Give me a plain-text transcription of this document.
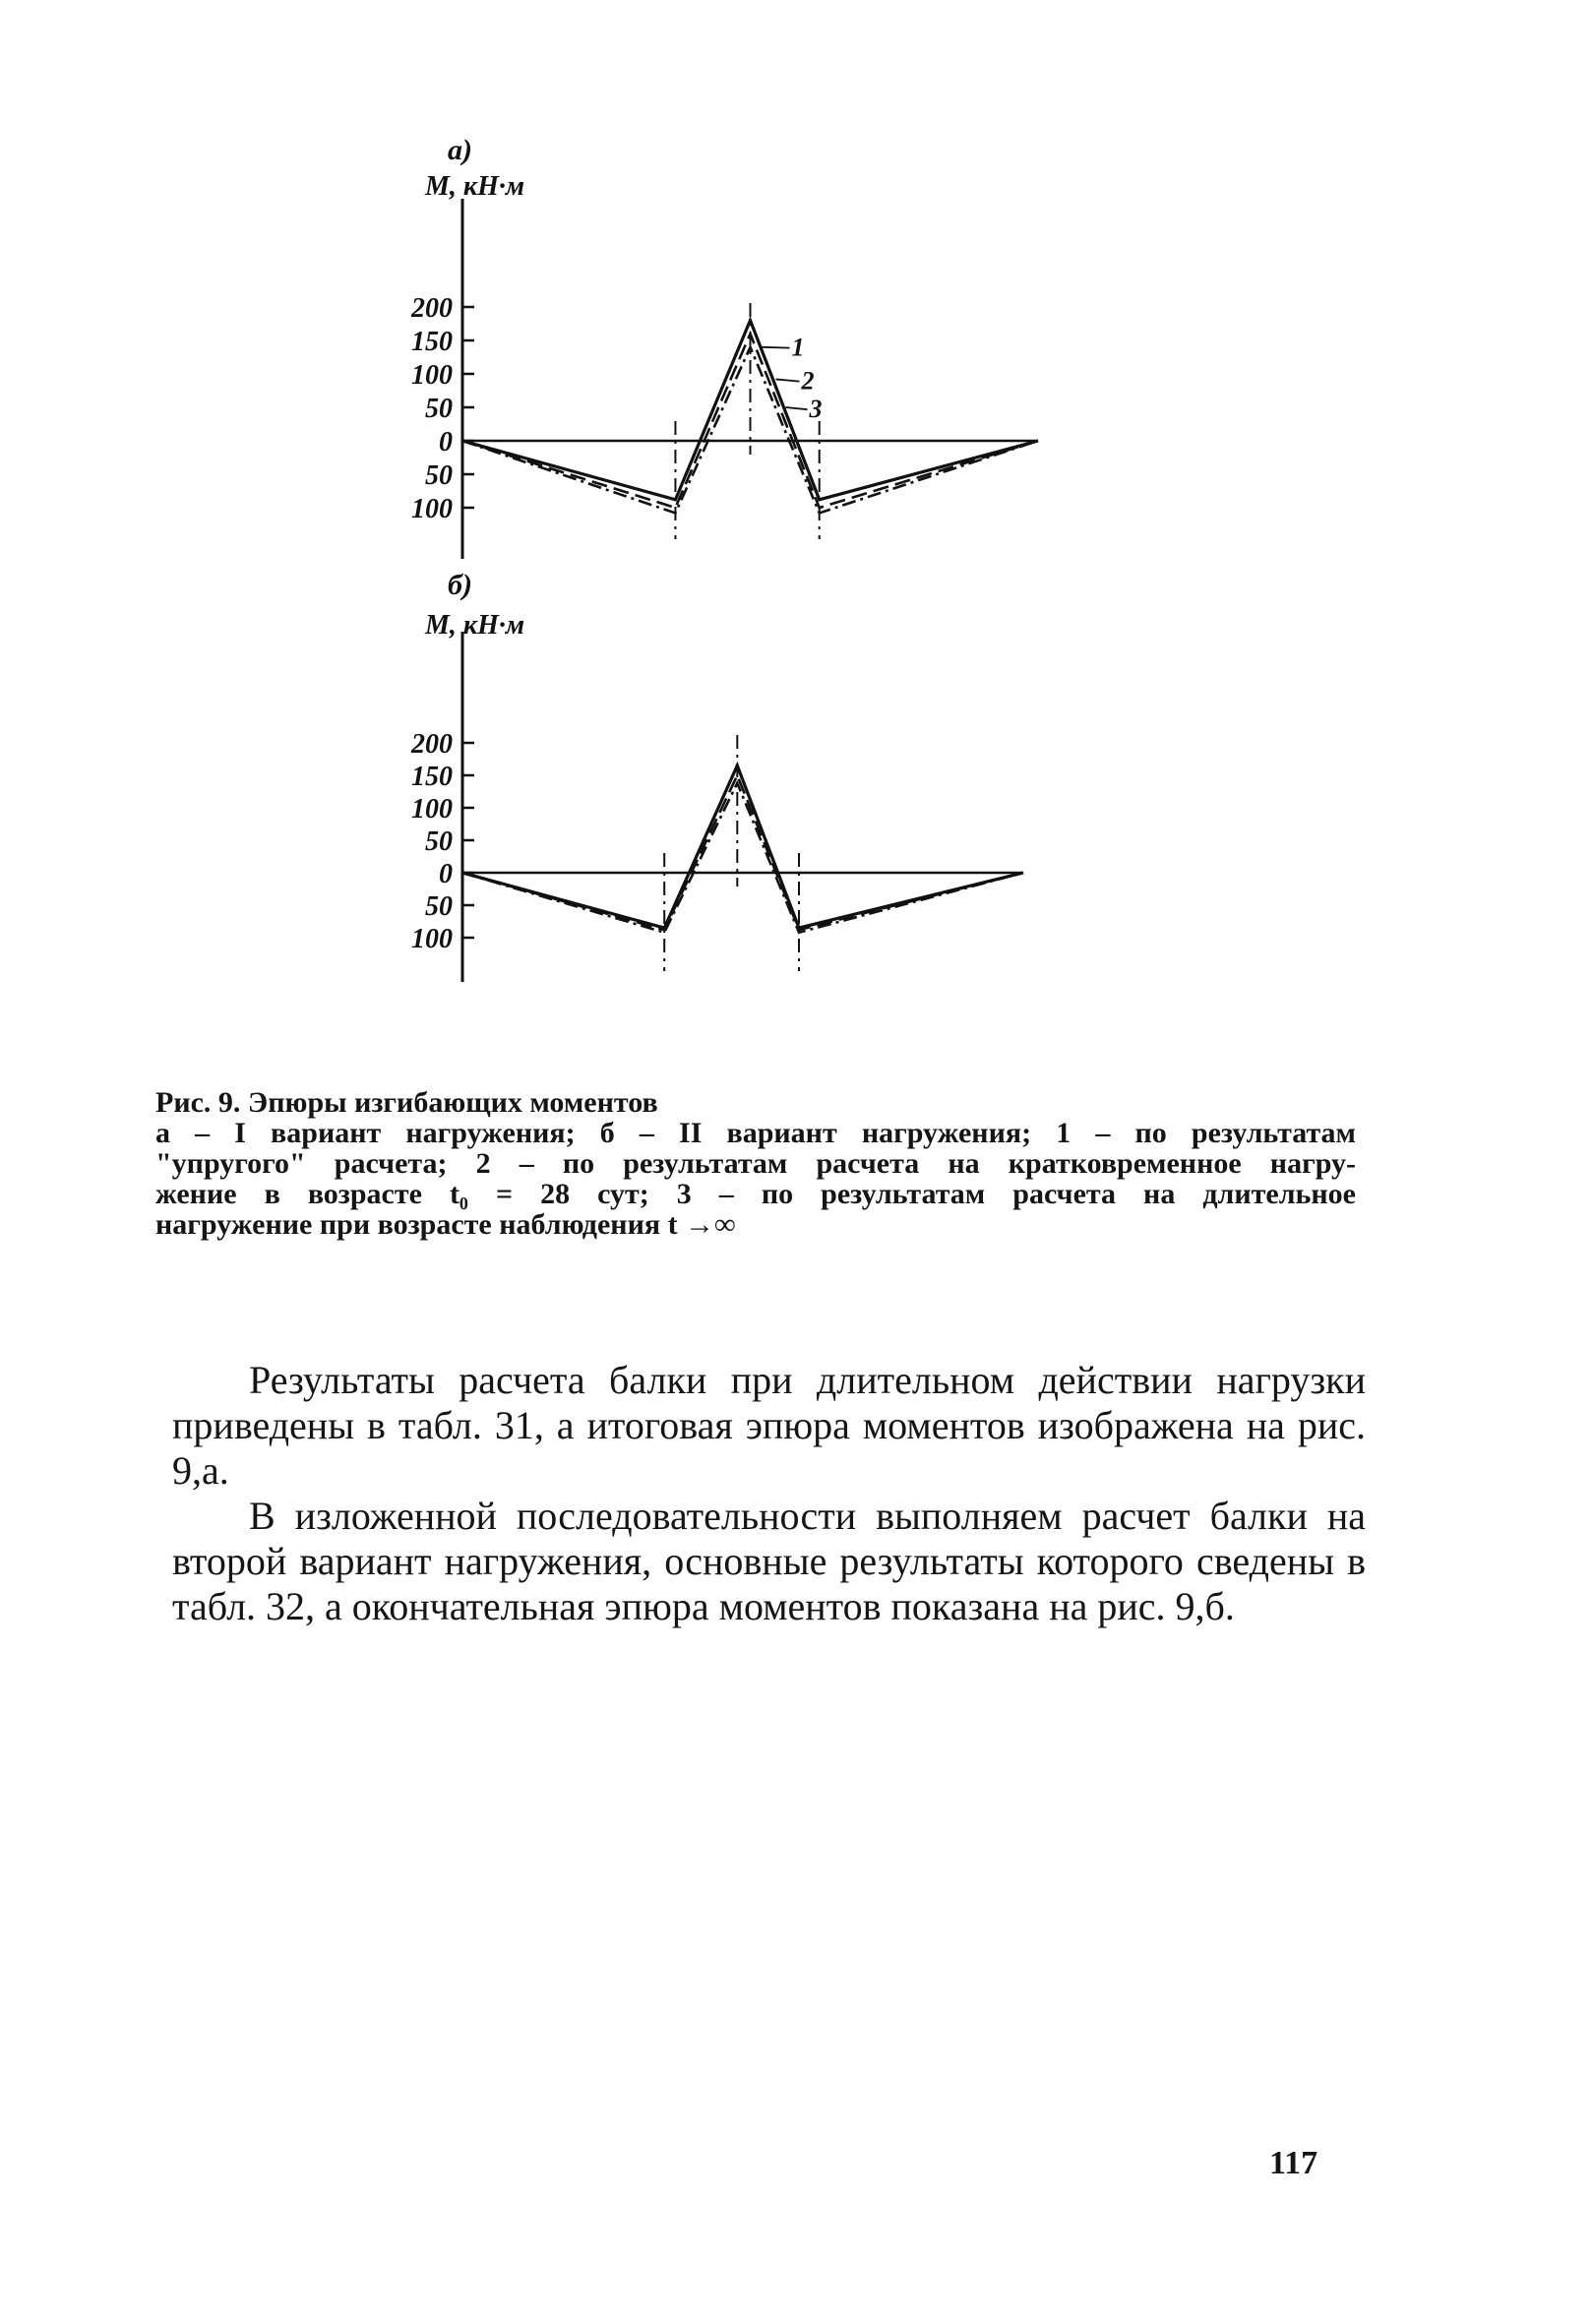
a)
М, кН·м
200
150
100
50
0
50
100
1
2
3
б)
М, кН·м
200
150
100
50
0
50
100
Рис. 9. Эпюры изгибающих моментов
а – I вариант нагружения; б – II вариант нагружения; 1 – по результатам
"упругого" расчета; 2 – по результатам расчета на кратковременное нагру-
жение в возрасте t₀ = 28 сут; 3 – по результатам расчета на длительное
нагружение при возрасте наблюдения t →∞

Результаты расчета балки при длительном действии нагрузки приведены в табл. 31, а итоговая эпюра моментов изображена на рис. 9,а.

В изложенной последовательности выполняем расчет балки на второй вариант нагружения, основные результаты которого сведены в табл. 32, а окончательная эпюра моментов показана на рис. 9,б.

117
